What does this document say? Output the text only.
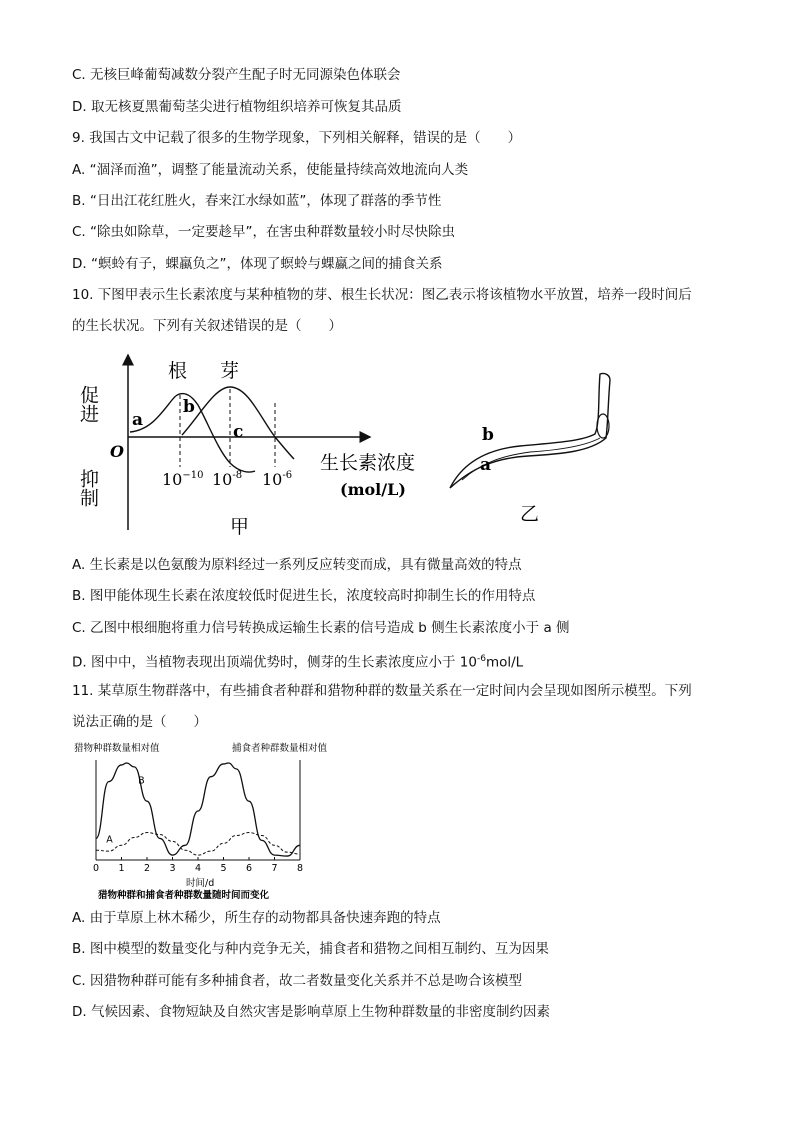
C. 无核巨峰葡萄减数分裂产生配子时无同源染色体联会
D. 取无核夏黑葡萄茎尖进行植物组织培养可恢复其品质
9. 我国古文中记载了很多的生物学现象，下列相关解释，错误的是（　　）
A. “涸泽而渔”，调整了能量流动关系，使能量持续高效地流向人类
B. “日出江花红胜火，春来江水绿如蓝”，体现了群落的季节性
C. “除虫如除草，一定要趁早”，在害虫种群数量较小时尽快除虫
D. “螟蛉有子，蜾蠃负之”，体现了螟蛉与蜾蠃之间的捕食关系
10. 下图甲表示生长素浓度与某种植物的芽、根生长状况：图乙表示将该植物水平放置，培养一段时间后
的生长状况。下列有关叙述错误的是（　　）
促进
抑制
O
根 芽
a
b
c
$10^{-10}$ $10^{-8}$ $10^{-6}$
生长素浓度
(mol/L)
甲
b
a
乙
A. 生长素是以色氨酸为原料经过一系列反应转变而成，具有微量高效的特点
B. 图甲能体现生长素在浓度较低时促进生长，浓度较高时抑制生长的作用特点
C. 乙图中根细胞将重力信号转换成运输生长素的信号造成 b 侧生长素浓度小于 a 侧
D. 图中中，当植物表现出顶端优势时，侧芽的生长素浓度应小于 $10^{-6}mol/L$
11. 某草原生物群落中，有些捕食者种群和猎物种群的数量关系在一定时间内会呈现如图所示模型。下列
说法正确的是（　　）
猎物种群数量相对值	捕食者种群数量相对值
0 1 2 3 4 5 6 7 8
B
A
时间/d
猎物种群和捕食者种群数量随时间而变化
A. 由于草原上林木稀少，所生存的动物都具备快速奔跑的特点
B. 图中模型的数量变化与种内竞争无关，捕食者和猎物之间相互制约、互为因果
C. 因猎物种群可能有多种捕食者，故二者数量变化关系并不总是吻合该模型
D. 气候因素、食物短缺及自然灾害是影响草原上生物种群数量的非密度制约因素
